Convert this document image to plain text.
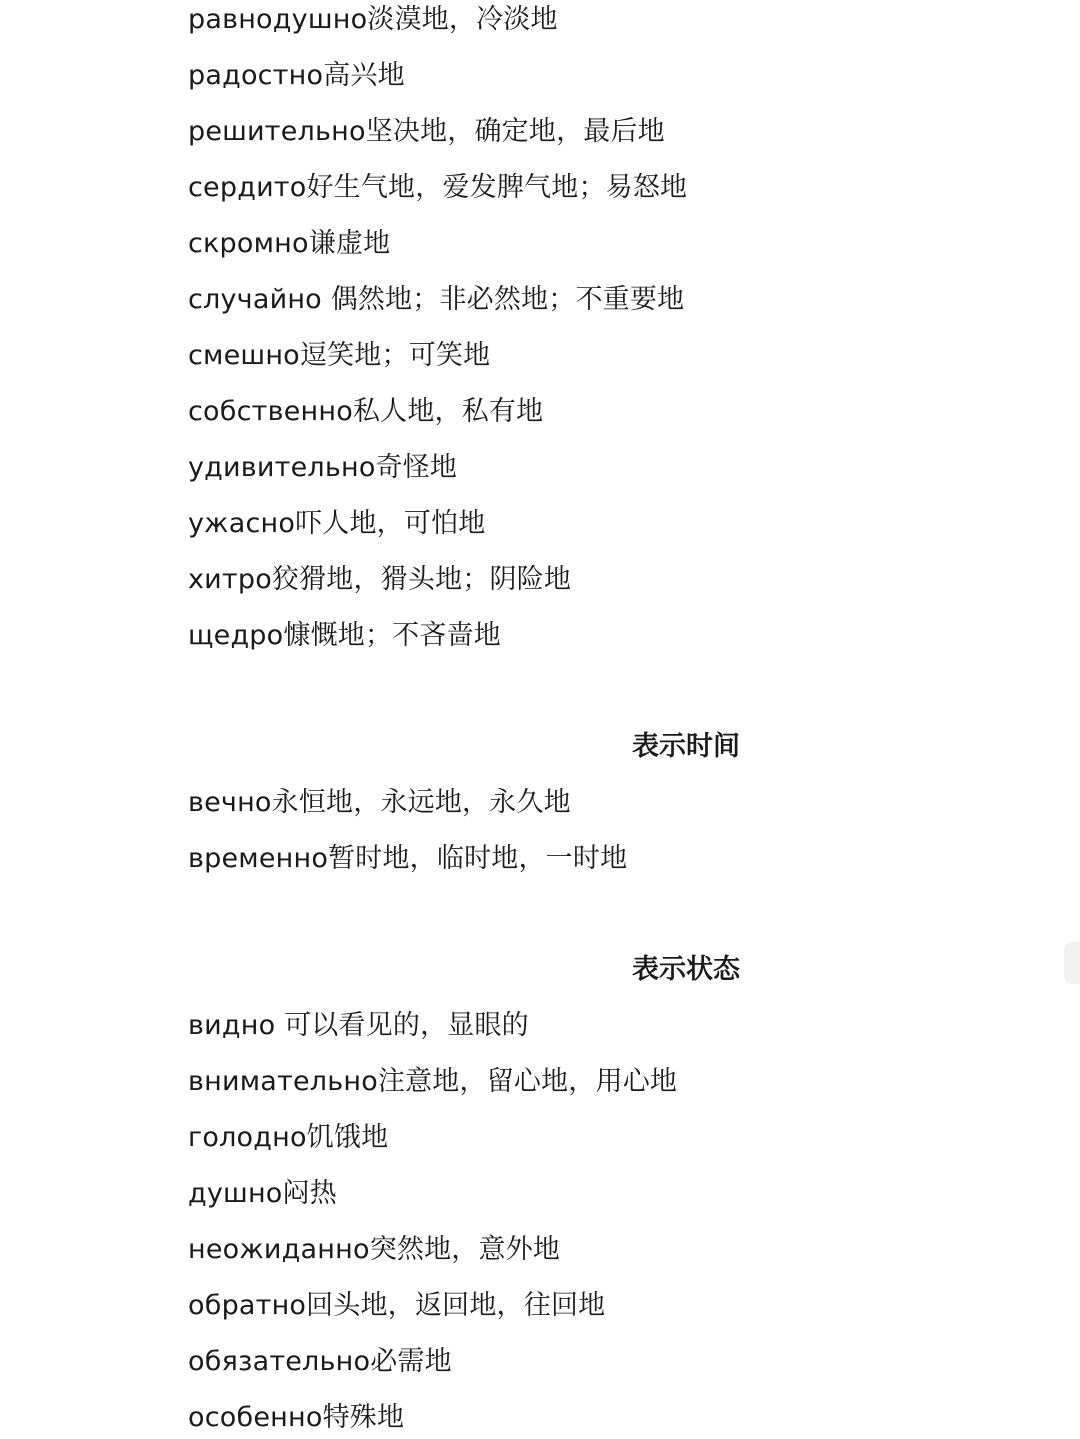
равнодушно淡漠地，冷淡地
радостно高兴地
решительно坚决地，确定地，最后地
сердито好生气地，爱发脾气地；易怒地
скромно谦虚地
случайно 偶然地；非必然地；不重要地
смешно逗笑地；可笑地
собственно私人地，私有地
удивительно奇怪地
ужасно吓人地，可怕地
хитро狡猾地，猾头地；阴险地
щедро慷慨地；不吝啬地
表示时间
вечно永恒地，永远地，永久地
временно暂时地，临时地，一时地
表示状态
видно 可以看见的，显眼的
внимательно注意地，留心地，用心地
голодно饥饿地
душно闷热
неожиданно突然地，意外地
обратно回头地，返回地，往回地
обязательно必需地
особенно特殊地
